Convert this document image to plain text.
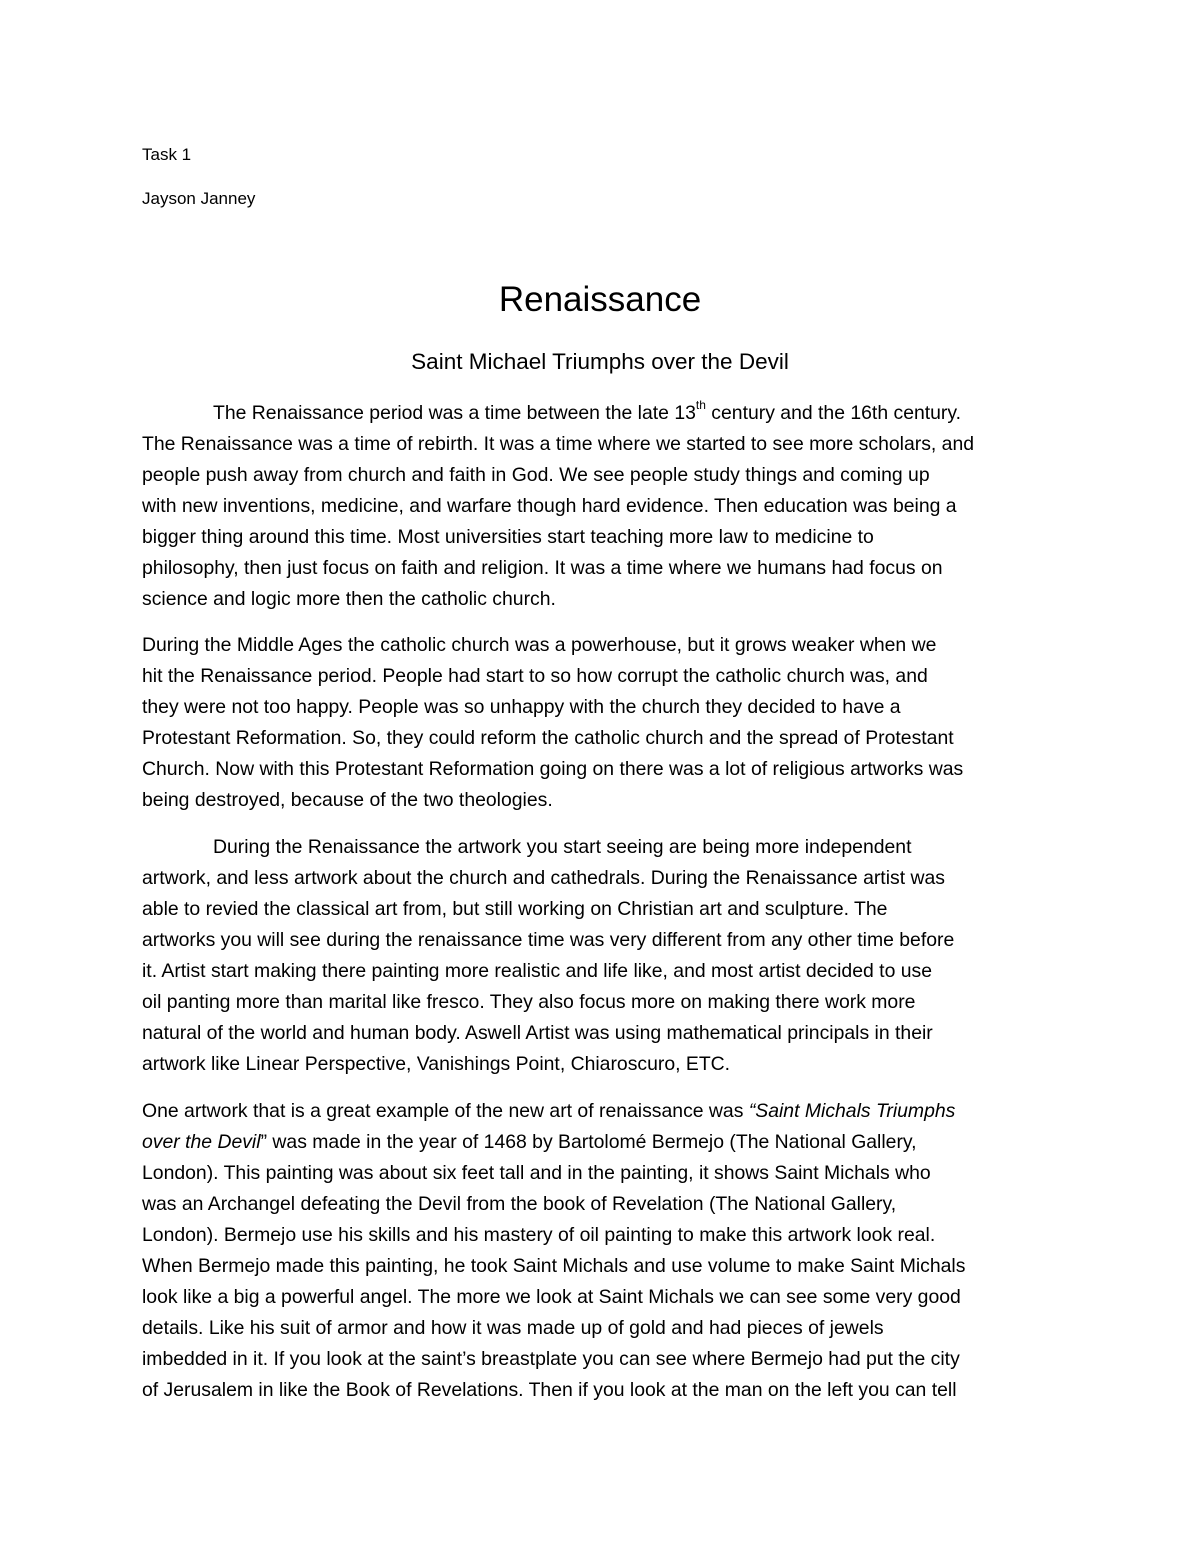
Task 1
Jayson Janney
Renaissance
Saint Michael Triumphs over the Devil

The Renaissance period was a time between the late 13th century and the 16th century.
The Renaissance was a time of rebirth. It was a time where we started to see more scholars, and
people push away from church and faith in God. We see people study things and coming up
with new inventions, medicine, and warfare though hard evidence. Then education was being a
bigger thing around this time. Most universities start teaching more law to medicine to
philosophy, then just focus on faith and religion. It was a time where we humans had focus on
science and logic more then the catholic church.

During the Middle Ages the catholic church was a powerhouse, but it grows weaker when we
hit the Renaissance period. People had start to so how corrupt the catholic church was, and
they were not too happy. People was so unhappy with the church they decided to have a
Protestant Reformation. So, they could reform the catholic church and the spread of Protestant
Church. Now with this Protestant Reformation going on there was a lot of religious artworks was
being destroyed, because of the two theologies.

During the Renaissance the artwork you start seeing are being more independent
artwork, and less artwork about the church and cathedrals. During the Renaissance artist was
able to revied the classical art from, but still working on Christian art and sculpture. The
artworks you will see during the renaissance time was very different from any other time before
it. Artist start making there painting more realistic and life like, and most artist decided to use
oil panting more than marital like fresco. They also focus more on making there work more
natural of the world and human body. Aswell Artist was using mathematical principals in their
artwork like Linear Perspective, Vanishings Point, Chiaroscuro, ETC.

One artwork that is a great example of the new art of renaissance was “Saint Michals Triumphs
over the Devil” was made in the year of 1468 by Bartolomé Bermejo (The National Gallery,
London). This painting was about six feet tall and in the painting, it shows Saint Michals who
was an Archangel defeating the Devil from the book of Revelation (The National Gallery,
London). Bermejo use his skills and his mastery of oil painting to make this artwork look real.
When Bermejo made this painting, he took Saint Michals and use volume to make Saint Michals
look like a big a powerful angel. The more we look at Saint Michals we can see some very good
details. Like his suit of armor and how it was made up of gold and had pieces of jewels
imbedded in it. If you look at the saint’s breastplate you can see where Bermejo had put the city
of Jerusalem in like the Book of Revelations. Then if you look at the man on the left you can tell
